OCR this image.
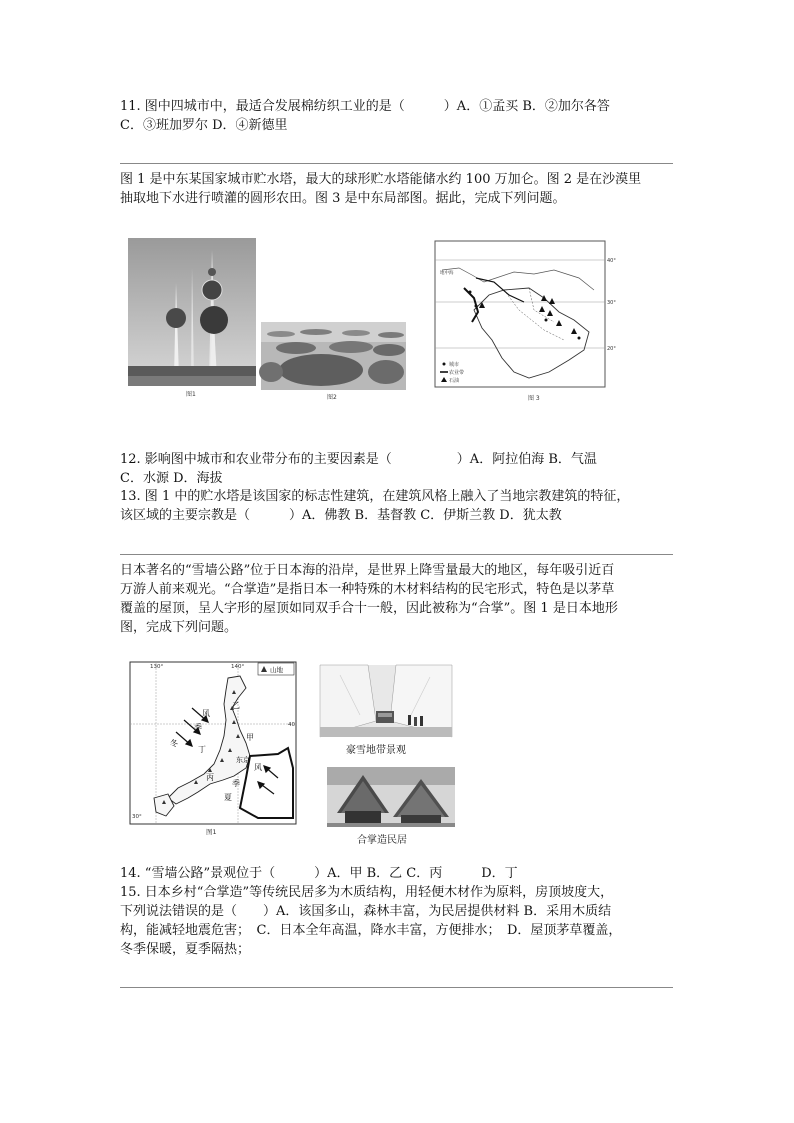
11. 图中四城市中，最适合发展棉纺织工业的是（　　　）A．①孟买 B．②加尔各答
C．③班加罗尔 D．④新德里
图 1 是中东某国家城市贮水塔，最大的球形贮水塔能储水约 100 万加仑。图 2 是在沙漠里
抽取地下水进行喷灌的圆形农田。图 3 是中东局部图。据此，完成下列问题。
图1	图2
40°
30°
20°
地中海
城市
农业带
石油
图 3
12. 影响图中城市和农业带分布的主要因素是（　　　　　）A．阿拉伯海 B．气温
C．水源 D．海拔
13. 图 1 中的贮水塔是该国家的标志性建筑，在建筑风格上融入了当地宗教建筑的特征，
该区域的主要宗教是（　　　）A．佛教 B．基督教 C．伊斯兰教 D．犹太教
日本著名的“雪墙公路”位于日本海的沿岸，是世界上降雪量最大的地区，每年吸引近百
万游人前来观光。“合掌造”是指日本一种特殊的木材料结构的民宅形式，特色是以茅草
覆盖的屋顶，呈人字形的屋顶如同双手合十一般，因此被称为“合掌”。图 1 是日本地形
图，完成下列问题。
130°	140°
40
30°
山地
风
季
冬
甲
乙
丙
丁
东京
风
季
夏
图1
豪雪地带景观
合掌造民居
14. “雪墙公路”景观位于（　　　）A．甲 B．乙 C．丙　　　D．丁
15. 日本乡村“合掌造”等传统民居多为木质结构，用轻便木材作为原料，房顶坡度大，
下列说法错误的是（　　）A．该国多山，森林丰富，为民居提供材料 B．采用木质结
构，能减轻地震危害；　C．日本全年高温，降水丰富，方便排水；　D．屋顶茅草覆盖，
冬季保暖，夏季隔热；
